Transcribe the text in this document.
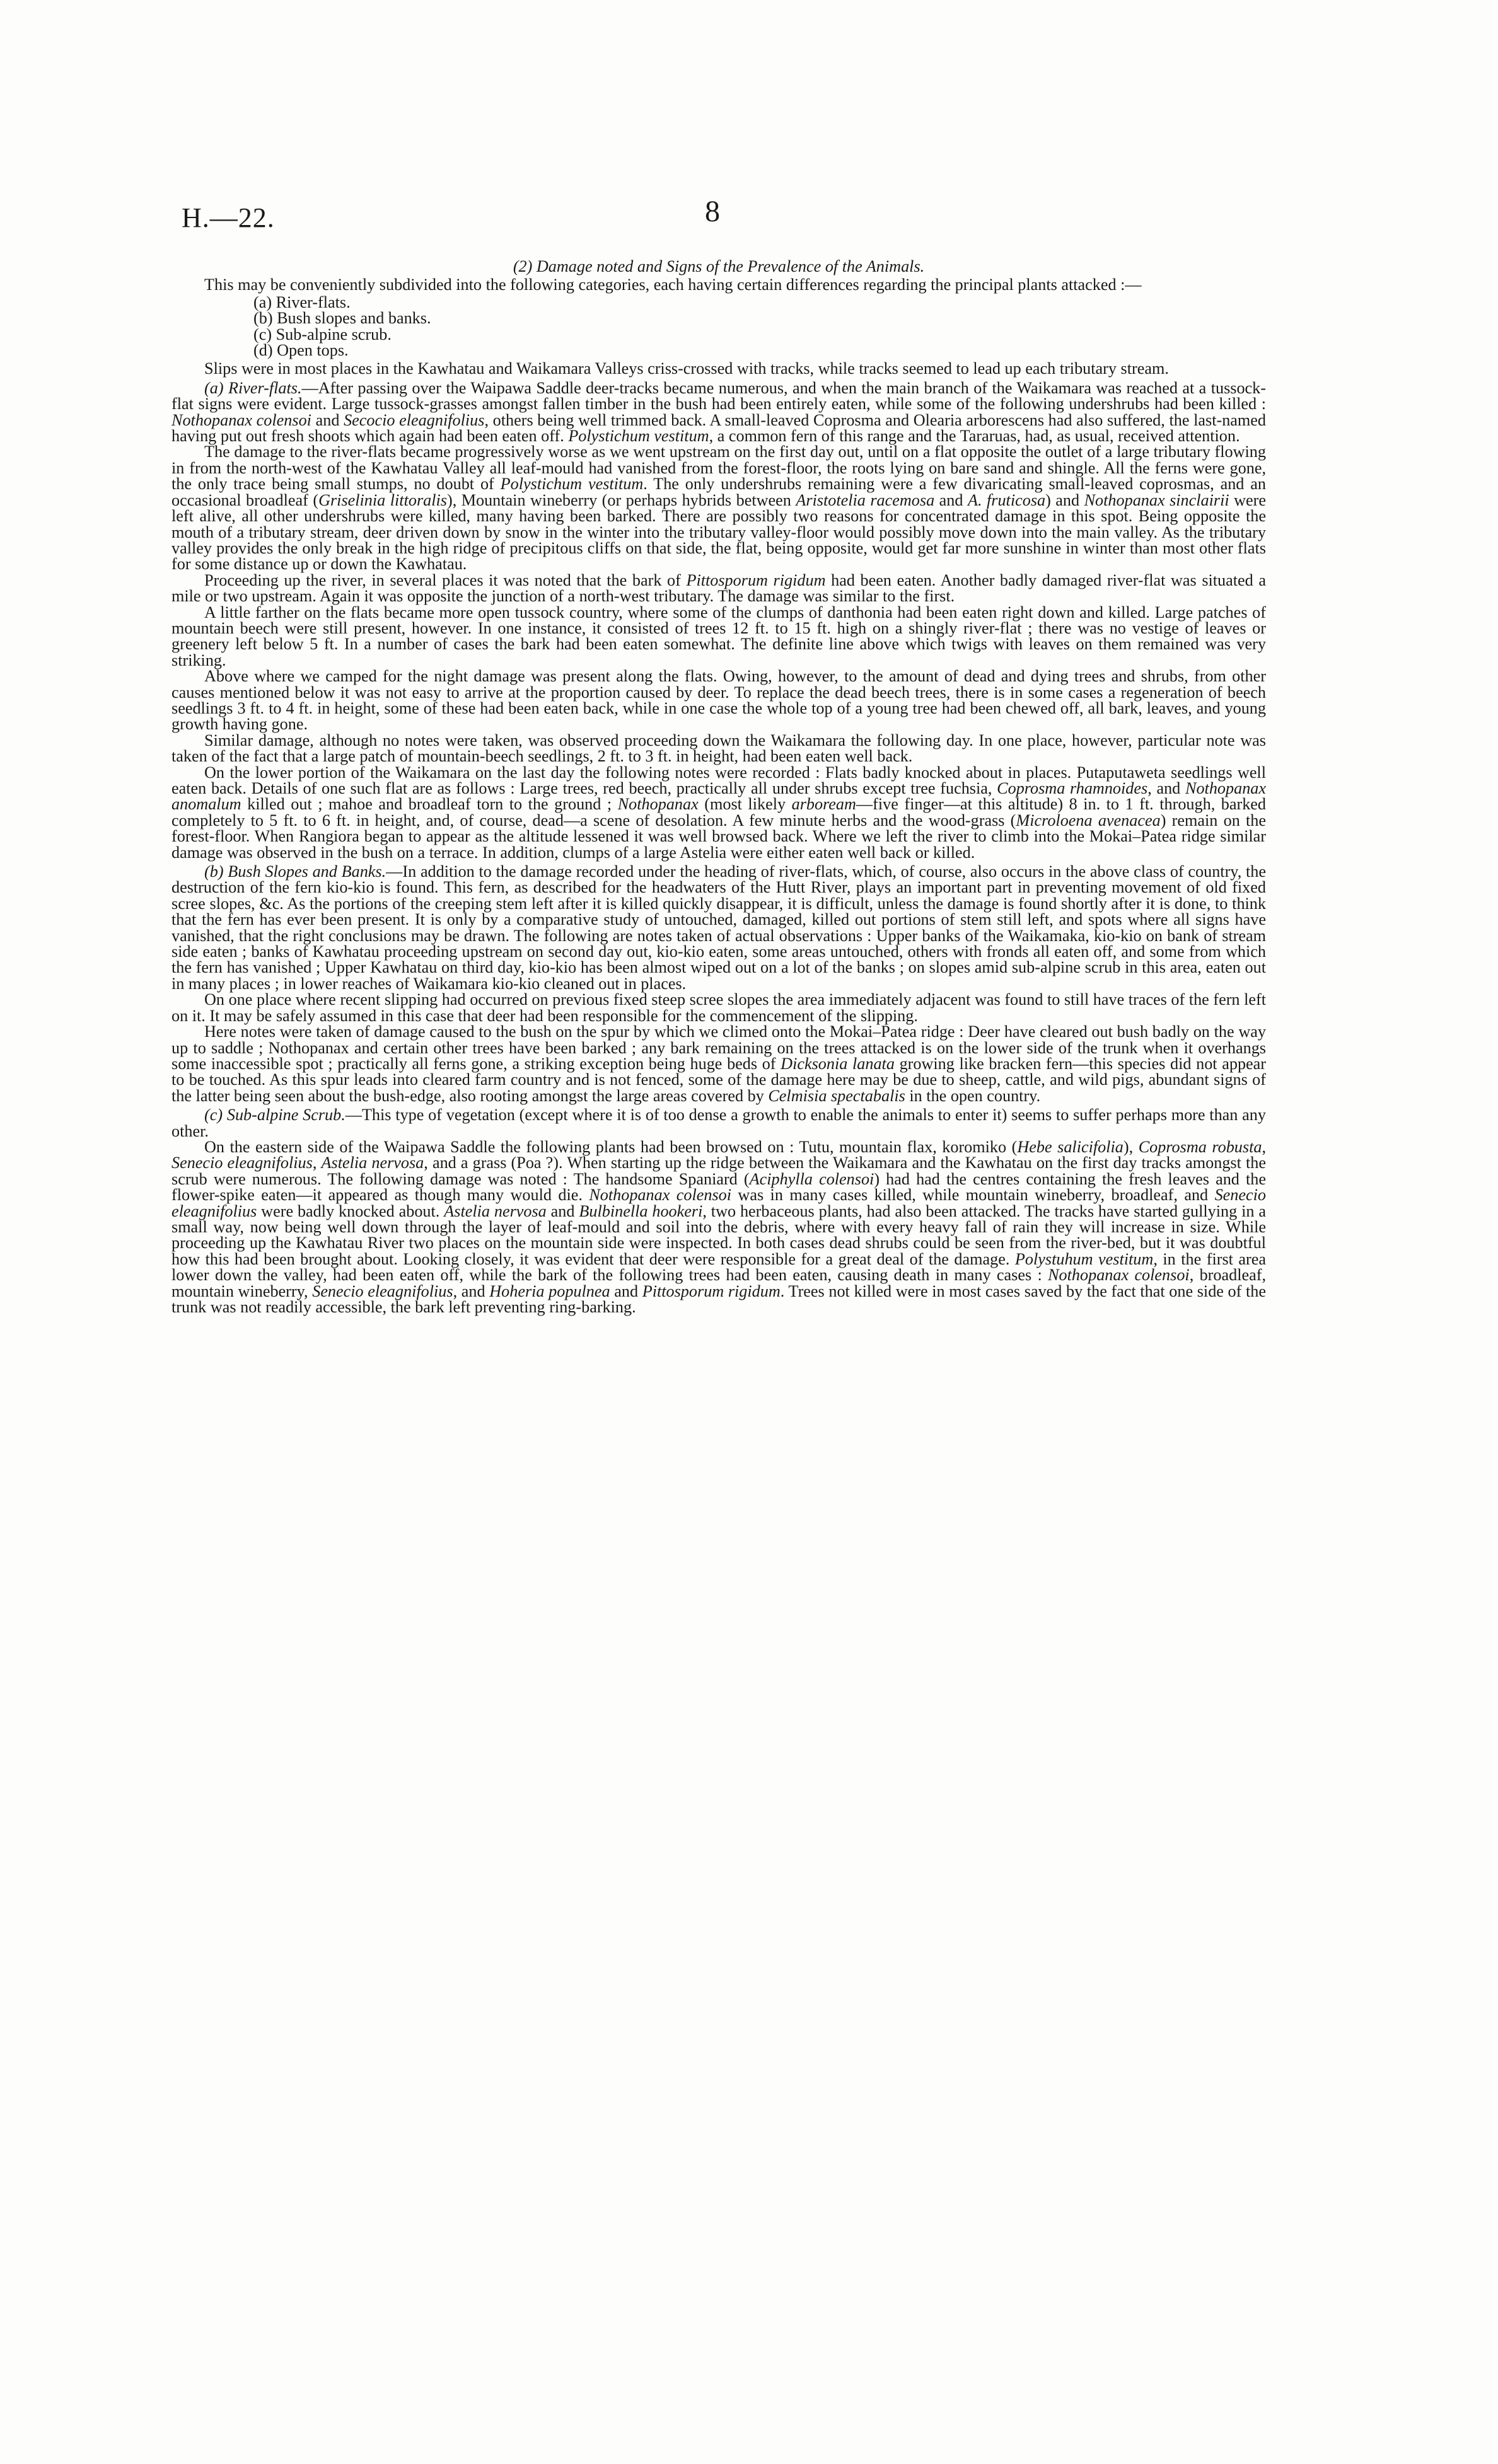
H.—22.	8

(2) Damage noted and Signs of the Prevalence of the Animals.

This may be conveniently subdivided into the following categories, each having certain differences regarding the principal plants attacked :—

(a) River-flats.
(b) Bush slopes and banks.
(c) Sub-alpine scrub.
(d) Open tops.

Slips were in most places in the Kawhatau and Waikamara Valleys criss-crossed with tracks, while tracks seemed to lead up each tributary stream.

(a) River-flats.—After passing over the Waipawa Saddle deer-tracks became numerous, and when the main branch of the Waikamara was reached at a tussock-flat signs were evident. Large tussock-grasses amongst fallen timber in the bush had been entirely eaten, while some of the following undershrubs had been killed : Nothopanax colensoi and Secocio eleagnifolius, others being well trimmed back. A small-leaved Coprosma and Olearia arborescens had also suffered, the last-named having put out fresh shoots which again had been eaten off. Polystichum vestitum, a common fern of this range and the Tararuas, had, as usual, received attention.

The damage to the river-flats became progressively worse as we went upstream on the first day out, until on a flat opposite the outlet of a large tributary flowing in from the north-west of the Kawhatau Valley all leaf-mould had vanished from the forest-floor, the roots lying on bare sand and shingle. All the ferns were gone, the only trace being small stumps, no doubt of Polystichum vestitum. The only undershrubs remaining were a few divaricating small-leaved coprosmas, and an occasional broadleaf (Griselinia littoralis), Mountain wineberry (or perhaps hybrids between Aristotelia racemosa and A. fruticosa) and Nothopanax sinclairii were left alive, all other undershrubs were killed, many having been barked. There are possibly two reasons for concentrated damage in this spot. Being opposite the mouth of a tributary stream, deer driven down by snow in the winter into the tributary valley-floor would possibly move down into the main valley. As the tributary valley provides the only break in the high ridge of precipitous cliffs on that side, the flat, being opposite, would get far more sunshine in winter than most other flats for some distance up or down the Kawhatau.

Proceeding up the river, in several places it was noted that the bark of Pittosporum rigidum had been eaten. Another badly damaged river-flat was situated a mile or two upstream. Again it was opposite the junction of a north-west tributary. The damage was similar to the first.

A little farther on the flats became more open tussock country, where some of the clumps of danthonia had been eaten right down and killed. Large patches of mountain beech were still present, however. In one instance, it consisted of trees 12 ft. to 15 ft. high on a shingly river-flat ; there was no vestige of leaves or greenery left below 5 ft. In a number of cases the bark had been eaten somewhat. The definite line above which twigs with leaves on them remained was very striking.

Above where we camped for the night damage was present along the flats. Owing, however, to the amount of dead and dying trees and shrubs, from other causes mentioned below it was not easy to arrive at the proportion caused by deer. To replace the dead beech trees, there is in some cases a regeneration of beech seedlings 3 ft. to 4 ft. in height, some of these had been eaten back, while in one case the whole top of a young tree had been chewed off, all bark, leaves, and young growth having gone.

Similar damage, although no notes were taken, was observed proceeding down the Waikamara the following day. In one place, however, particular note was taken of the fact that a large patch of mountain-beech seedlings, 2 ft. to 3 ft. in height, had been eaten well back.

On the lower portion of the Waikamara on the last day the following notes were recorded : Flats badly knocked about in places. Putaputaweta seedlings well eaten back. Details of one such flat are as follows : Large trees, red beech, practically all under shrubs except tree fuchsia, Coprosma rhamnoides, and Nothopanax anomalum killed out ; mahoe and broadleaf torn to the ground ; Nothopanax (most likely arboream—five finger—at this altitude) 8 in. to 1 ft. through, barked completely to 5 ft. to 6 ft. in height, and, of course, dead—a scene of desolation. A few minute herbs and the wood-grass (Microloena avenacea) remain on the forest-floor. When Rangiora began to appear as the altitude lessened it was well browsed back. Where we left the river to climb into the Mokai–Patea ridge similar damage was observed in the bush on a terrace. In addition, clumps of a large Astelia were either eaten well back or killed.

(b) Bush Slopes and Banks.—In addition to the damage recorded under the heading of river-flats, which, of course, also occurs in the above class of country, the destruction of the fern kio-kio is found. This fern, as described for the headwaters of the Hutt River, plays an important part in preventing movement of old fixed scree slopes, &c. As the portions of the creeping stem left after it is killed quickly disappear, it is difficult, unless the damage is found shortly after it is done, to think that the fern has ever been present. It is only by a comparative study of untouched, damaged, killed out portions of stem still left, and spots where all signs have vanished, that the right conclusions may be drawn. The following are notes taken of actual observations : Upper banks of the Waikamaka, kio-kio on bank of stream side eaten ; banks of Kawhatau proceeding upstream on second day out, kio-kio eaten, some areas untouched, others with fronds all eaten off, and some from which the fern has vanished ; Upper Kawhatau on third day, kio-kio has been almost wiped out on a lot of the banks ; on slopes amid sub-alpine scrub in this area, eaten out in many places ; in lower reaches of Waikamara kio-kio cleaned out in places.

On one place where recent slipping had occurred on previous fixed steep scree slopes the area immediately adjacent was found to still have traces of the fern left on it. It may be safely assumed in this case that deer had been responsible for the commencement of the slipping.

Here notes were taken of damage caused to the bush on the spur by which we climed onto the Mokai–Patea ridge : Deer have cleared out bush badly on the way up to saddle ; Nothopanax and certain other trees have been barked ; any bark remaining on the trees attacked is on the lower side of the trunk when it overhangs some inaccessible spot ; practically all ferns gone, a striking exception being huge beds of Dicksonia lanata growing like bracken fern—this species did not appear to be touched. As this spur leads into cleared farm country and is not fenced, some of the damage here may be due to sheep, cattle, and wild pigs, abundant signs of the latter being seen about the bush-edge, also rooting amongst the large areas covered by Celmisia spectabalis in the open country.

(c) Sub-alpine Scrub.—This type of vegetation (except where it is of too dense a growth to enable the animals to enter it) seems to suffer perhaps more than any other.

On the eastern side of the Waipawa Saddle the following plants had been browsed on : Tutu, mountain flax, koromiko (Hebe salicifolia), Coprosma robusta, Senecio eleagnifolius, Astelia nervosa, and a grass (Poa ?). When starting up the ridge between the Waikamara and the Kawhatau on the first day tracks amongst the scrub were numerous. The following damage was noted : The handsome Spaniard (Aciphylla colensoi) had had the centres containing the fresh leaves and the flower-spike eaten—it appeared as though many would die. Nothopanax colensoi was in many cases killed, while mountain wineberry, broadleaf, and Senecio eleagnifolius were badly knocked about. Astelia nervosa and Bulbinella hookeri, two herbaceous plants, had also been attacked. The tracks have started gullying in a small way, now being well down through the layer of leaf-mould and soil into the debris, where with every heavy fall of rain they will increase in size. While proceeding up the Kawhatau River two places on the mountain side were inspected. In both cases dead shrubs could be seen from the river-bed, but it was doubtful how this had been brought about. Looking closely, it was evident that deer were responsible for a great deal of the damage. Polystuhum vestitum, in the first area lower down the valley, had been eaten off, while the bark of the following trees had been eaten, causing death in many cases : Nothopanax colensoi, broadleaf, mountain wineberry, Senecio eleagnifolius, and Hoheria populnea and Pittosporum rigidum. Trees not killed were in most cases saved by the fact that one side of the trunk was not readily accessible, the bark left preventing ring-barking.
